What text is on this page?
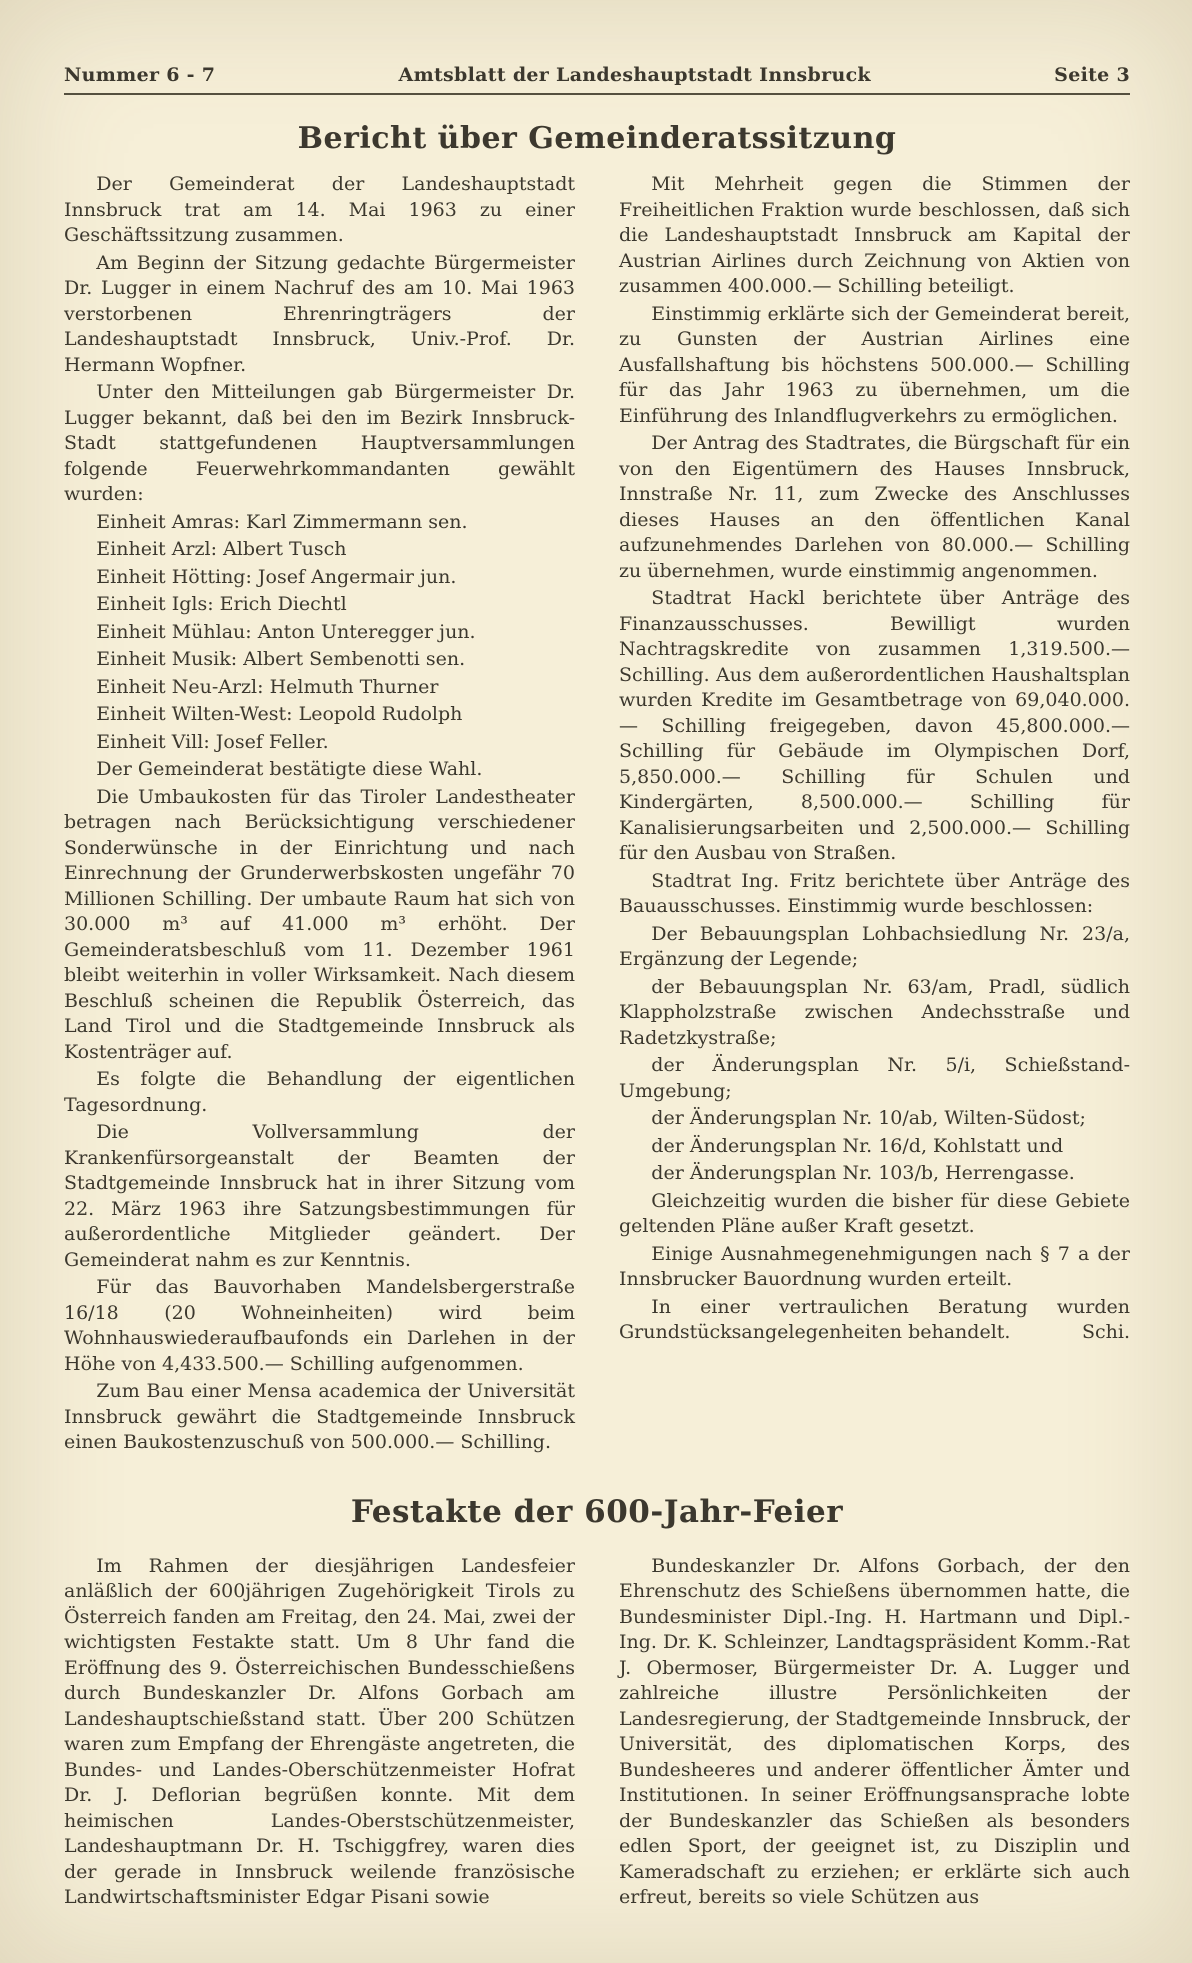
Nummer 6 - 7	Amtsblatt der Landeshauptstadt Innsbruck	Seite 3
Bericht über Gemeinderatssitzung

Der Gemeinderat der Landeshauptstadt Innsbruck trat am 14. Mai 1963 zu einer Geschäftssitzung zusammen.

Am Beginn der Sitzung gedachte Bürgermeister Dr. Lugger in einem Nachruf des am 10. Mai 1963 verstorbenen Ehrenringträgers der Landeshauptstadt Innsbruck, Univ.-Prof. Dr. Hermann Wopfner.

Unter den Mitteilungen gab Bürgermeister Dr. Lugger bekannt, daß bei den im Bezirk Innsbruck-Stadt stattgefundenen Hauptversammlungen folgende Feuerwehrkommandanten gewählt wurden:

Einheit Amras: Karl Zimmermann sen.

Einheit Arzl: Albert Tusch

Einheit Hötting: Josef Angermair jun.

Einheit Igls: Erich Diechtl

Einheit Mühlau: Anton Unteregger jun.

Einheit Musik: Albert Sembenotti sen.

Einheit Neu-Arzl: Helmuth Thurner

Einheit Wilten-West: Leopold Rudolph

Einheit Vill: Josef Feller.

Der Gemeinderat bestätigte diese Wahl.

Die Umbaukosten für das Tiroler Landestheater betragen nach Berücksichtigung verschiedener Sonderwünsche in der Einrichtung und nach Einrechnung der Grunderwerbskosten ungefähr 70 Millionen Schilling. Der umbaute Raum hat sich von 30.000 m³ auf 41.000 m³ erhöht. Der Gemeinderatsbeschluß vom 11. Dezember 1961 bleibt weiterhin in voller Wirksamkeit. Nach diesem Beschluß scheinen die Republik Österreich, das Land Tirol und die Stadtgemeinde Innsbruck als Kostenträger auf.

Es folgte die Behandlung der eigentlichen Tagesordnung.

Die Vollversammlung der Krankenfürsorgeanstalt der Beamten der Stadtgemeinde Innsbruck hat in ihrer Sitzung vom 22. März 1963 ihre Satzungsbestimmungen für außerordentliche Mitglieder geändert. Der Gemeinderat nahm es zur Kenntnis.

Für das Bauvorhaben Mandelsbergerstraße 16/18 (20 Wohneinheiten) wird beim Wohnhauswiederaufbaufonds ein Darlehen in der Höhe von 4,433.500.— Schilling aufgenommen.

Zum Bau einer Mensa academica der Universität Innsbruck gewährt die Stadtgemeinde Innsbruck einen Baukostenzuschuß von 500.000.— Schilling.

Mit Mehrheit gegen die Stimmen der Freiheitlichen Fraktion wurde beschlossen, daß sich die Landeshauptstadt Innsbruck am Kapital der Austrian Airlines durch Zeichnung von Aktien von zusammen 400.000.— Schilling beteiligt.

Einstimmig erklärte sich der Gemeinderat bereit, zu Gunsten der Austrian Airlines eine Ausfallshaftung bis höchstens 500.000.— Schilling für das Jahr 1963 zu übernehmen, um die Einführung des Inlandflugverkehrs zu ermöglichen.

Der Antrag des Stadtrates, die Bürgschaft für ein von den Eigentümern des Hauses Innsbruck, Innstraße Nr. 11, zum Zwecke des Anschlusses dieses Hauses an den öffentlichen Kanal aufzunehmendes Darlehen von 80.000.— Schilling zu übernehmen, wurde einstimmig angenommen.

Stadtrat Hackl berichtete über Anträge des Finanzausschusses. Bewilligt wurden Nachtragskredite von zusammen 1,319.500.— Schilling. Aus dem außerordentlichen Haushaltsplan wurden Kredite im Gesamtbetrage von 69,040.000.— Schilling freigegeben, davon 45,800.000.— Schilling für Gebäude im Olympischen Dorf, 5,850.000.— Schilling für Schulen und Kindergärten, 8,500.000.— Schilling für Kanalisierungsarbeiten und 2,500.000.— Schilling für den Ausbau von Straßen.

Stadtrat Ing. Fritz berichtete über Anträge des Bauausschusses. Einstimmig wurde beschlossen:

Der Bebauungsplan Lohbachsiedlung Nr. 23/a, Ergänzung der Legende;

der Bebauungsplan Nr. 63/am, Pradl, südlich Klappholzstraße zwischen Andechsstraße und Radetzkystraße;

der Änderungsplan Nr. 5/i, Schießstand-Umgebung;

der Änderungsplan Nr. 10/ab, Wilten-Südost;

der Änderungsplan Nr. 16/d, Kohlstatt und

der Änderungsplan Nr. 103/b, Herrengasse.

Gleichzeitig wurden die bisher für diese Gebiete geltenden Pläne außer Kraft gesetzt.

Einige Ausnahmegenehmigungen nach § 7 a der Innsbrucker Bauordnung wurden erteilt.

In einer vertraulichen Beratung wurden Grundstücksangelegenheiten behandelt.	Schi.

Festakte der 600-Jahr-Feier

Im Rahmen der diesjährigen Landesfeier anläßlich der 600jährigen Zugehörigkeit Tirols zu Österreich fanden am Freitag, den 24. Mai, zwei der wichtigsten Festakte statt. Um 8 Uhr fand die Eröffnung des 9. Österreichischen Bundesschießens durch Bundeskanzler Dr. Alfons Gorbach am Landeshauptschießstand statt. Über 200 Schützen waren zum Empfang der Ehrengäste angetreten, die Bundes- und Landes-Oberschützenmeister Hofrat Dr. J. Deflorian begrüßen konnte. Mit dem heimischen Landes-Oberstschützenmeister, Landeshauptmann Dr. H. Tschiggfrey, waren dies der gerade in Innsbruck weilende französische Landwirtschaftsminister Edgar Pisani sowie

Bundeskanzler Dr. Alfons Gorbach, der den Ehrenschutz des Schießens übernommen hatte, die Bundesminister Dipl.-Ing. H. Hartmann und Dipl.-Ing. Dr. K. Schleinzer, Landtagspräsident Komm.-Rat J. Obermoser, Bürgermeister Dr. A. Lugger und zahlreiche illustre Persönlichkeiten der Landesregierung, der Stadtgemeinde Innsbruck, der Universität, des diplomatischen Korps, des Bundesheeres und anderer öffentlicher Ämter und Institutionen. In seiner Eröffnungsansprache lobte der Bundeskanzler das Schießen als besonders edlen Sport, der geeignet ist, zu Disziplin und Kameradschaft zu erziehen; er erklärte sich auch erfreut, bereits so viele Schützen aus
